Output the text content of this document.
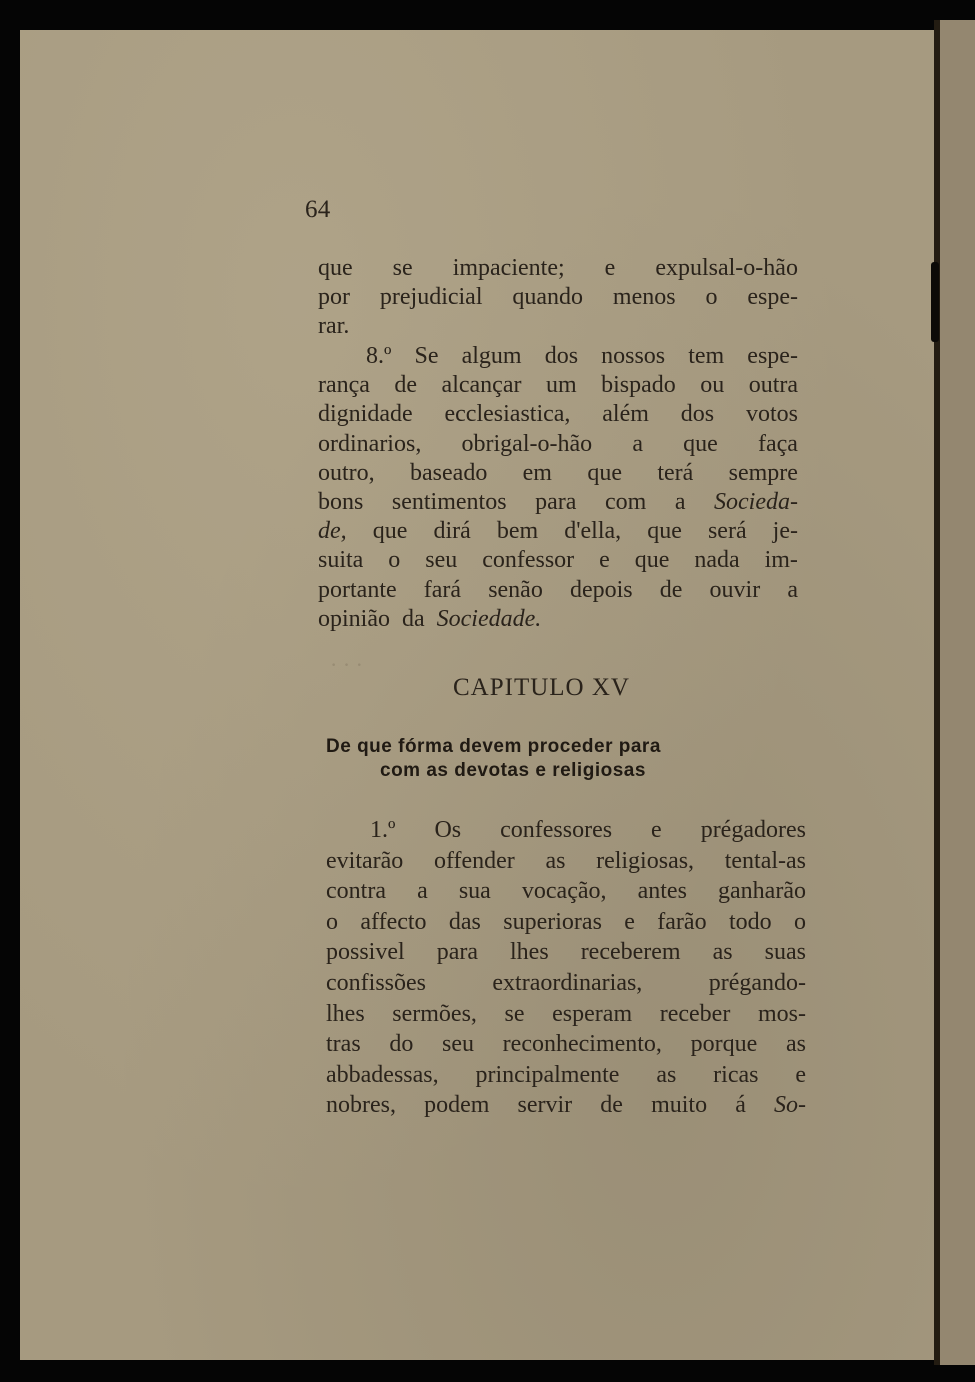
· · ·
64
que se impaciente; e expulsal-o-hão
por prejudicial quando menos o espe-
rar.
8.º Se algum dos nossos tem espe-
rança de alcançar um bispado ou outra
dignidade ecclesiastica, além dos votos
ordinarios, obrigal-o-hão a que faça
outro, baseado em que terá sempre
bons sentimentos para com a Socieda-
de, que dirá bem d'ella, que será je-
suita o seu confessor e que nada im-
portante fará senão depois de ouvir a
opinião da Sociedade.
CAPITULO XV
De que fórma devem proceder para
com as devotas e religiosas
1.º Os confessores e prégadores
evitarão offender as religiosas, tental-as
contra a sua vocação, antes ganharão
o affecto das superioras e farão todo o
possivel para lhes receberem as suas
confissões	extraordinarias,	prégando-
lhes sermões, se esperam receber mos-
tras do seu reconhecimento, porque as
abbadessas, principalmente as ricas e
nobres, podem servir de muito á So-
